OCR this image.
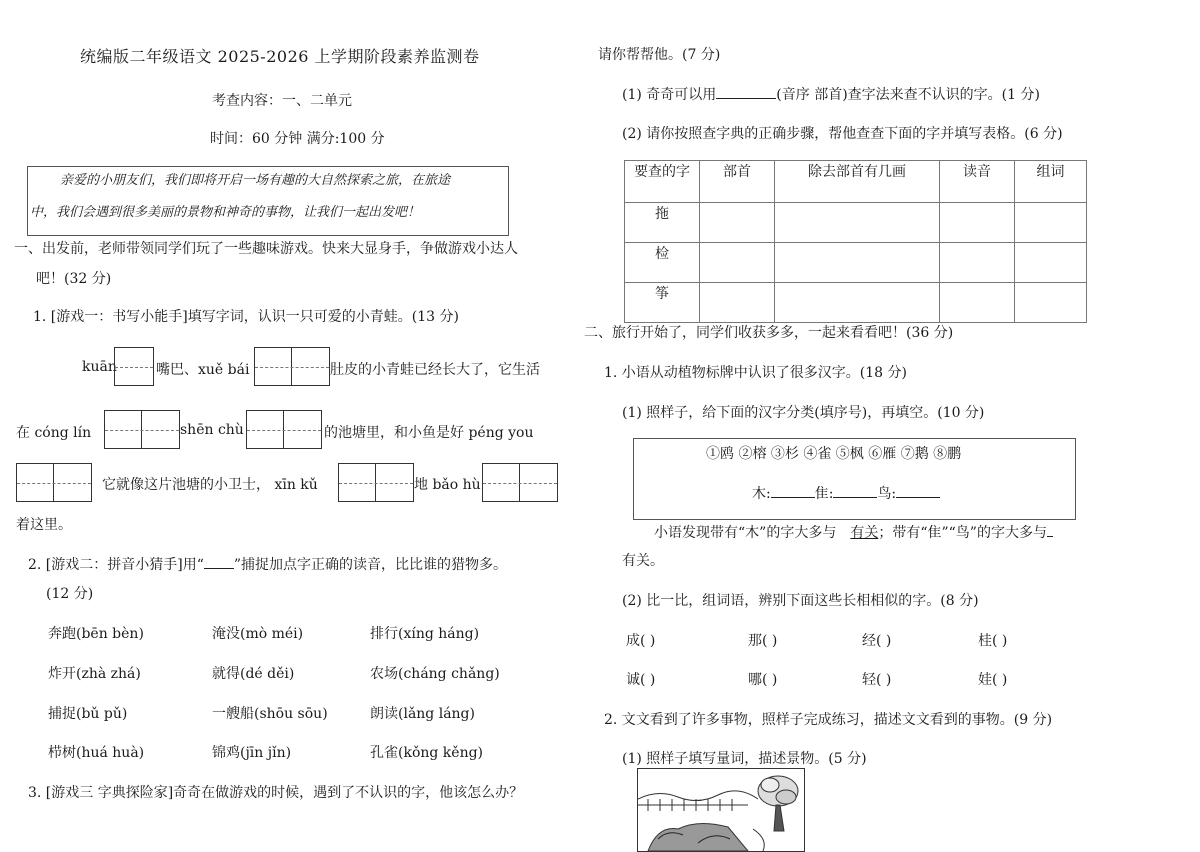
统编版二年级语文 2025-2026 上学期阶段素养监测卷
考查内容：一、二单元
时间：60 分钟 满分:100 分
亲爱的小朋友们，我们即将开启一场有趣的大自然探索之旅，在旅途
中，我们会遇到很多美丽的景物和神奇的事物，让我们一起出发吧！
一、出发前，老师带领同学们玩了一些趣味游戏。快来大显身手，争做游戏小达人
吧！(32 分)
1. [游戏一：书写小能手]填写字词，认识一只可爱的小青蛙。(13 分)
kuān	嘴巴、xuě bái	肚皮的小青蛙已经长大了，它生活
在 cóng lín	shēn chù	的池塘里，和小鱼是好 péng you
它就像这片池塘的小卫士， xīn kǔ	地 bǎo hù
着这里。
2. [游戏二：拼音小猜手]用“ ”捕捉加点字正确的读音，比比谁的猎物多。
(12 分)
奔跑(bēn bèn)	淹没(mò méi)	排行(xíng háng)
炸开(zhà zhá)	就得(dé děi)	农场(cháng chǎng)
捕捉(bǔ pǔ)	一艘船(shōu sōu)	朗读(lǎng láng)
栉树(huá huà)	锦鸡(jīn jǐn)	孔雀(kǒng kěng)
3. [游戏三 字典探险家]奇奇在做游戏的时候，遇到了不认识的字，他该怎么办？
请你帮帮他。(7 分)
(1) 奇奇可以用	(音序 部首)查字法来查不认识的字。(1 分)
(2) 请你按照查字典的正确步骤，帮他查查下面的字并填写表格。(6 分)
要查的字	部首	除去部首有几画	读音	组词
拖				
检				
筝				
二、旅行开始了，同学们收获多多，一起来看看吧！(36 分)
1. 小语从动植物标牌中认识了很多汉字。(18 分)
(1) 照样子，给下面的汉字分类(填序号)，再填空。(10 分)
①鸥 ②榕 ③杉 ④雀 ⑤枫 ⑥雁 ⑦鹅 ⑧鹏
木:	隹:	鸟:
小语发现带有“木”的字大多与 有关；带有“隹”“鸟”的字大多与
有关。
(2) 比一比，组词语，辨别下面这些长相相似的字。(8 分)
成( )	那( )	经( )	桂( )
诚( )	哪( )	轻( )	娃( )
2. 文文看到了许多事物，照样子完成练习，描述文文看到的事物。(9 分)
(1) 照样子填写量词，描述景物。(5 分)
